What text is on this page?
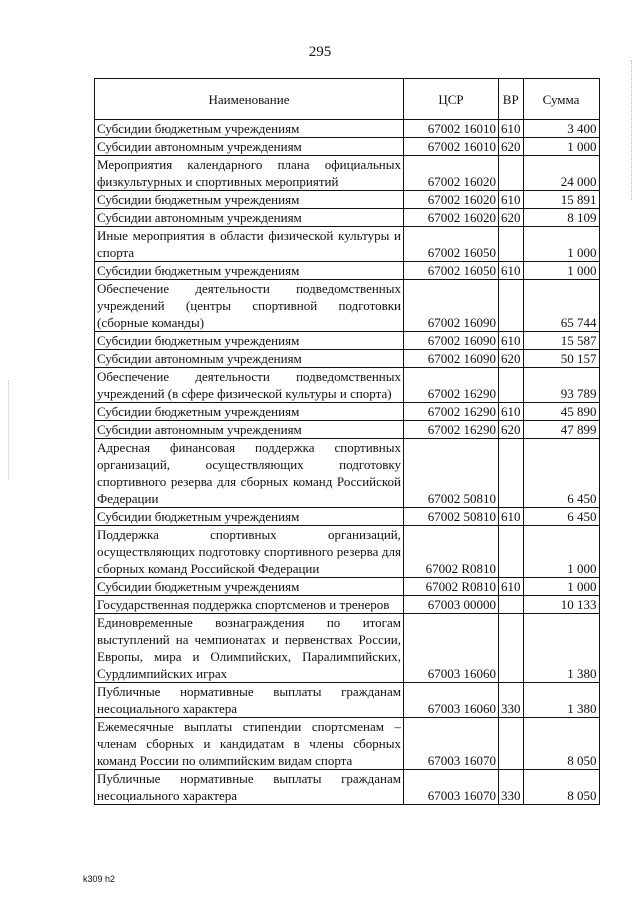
295
Наименование	ЦСР	ВР	Сумма
Субсидии бюджетным учреждениям	67002 16010	610	3 400
Субсидии автономным учреждениям	67002 16010	620	1 000
Мероприятия календарного плана официальных физкультурных и спортивных мероприятий	67002 16020		24 000
Субсидии бюджетным учреждениям	67002 16020	610	15 891
Субсидии автономным учреждениям	67002 16020	620	8 109
Иные мероприятия в области физической культуры и спорта	67002 16050		1 000
Субсидии бюджетным учреждениям	67002 16050	610	1 000
Обеспечение деятельности подведомственных учреждений (центры спортивной подготовки (сборные команды)	67002 16090		65 744
Субсидии бюджетным учреждениям	67002 16090	610	15 587
Субсидии автономным учреждениям	67002 16090	620	50 157
Обеспечение деятельности подведомственных учреждений (в сфере физической культуры и спорта)	67002 16290		93 789
Субсидии бюджетным учреждениям	67002 16290	610	45 890
Субсидии автономным учреждениям	67002 16290	620	47 899
Адресная финансовая поддержка спортивных организаций, осуществляющих подготовку спортивного резерва для сборных команд Российской Федерации	67002 50810		6 450
Субсидии бюджетным учреждениям	67002 50810	610	6 450
Поддержка спортивных организаций, осуществляющих подготовку спортивного резерва для сборных команд Российской Федерации	67002 R0810		1 000
Субсидии бюджетным учреждениям	67002 R0810	610	1 000
Государственная поддержка спортсменов и тренеров	67003 00000		10 133
Единовременные вознаграждения по итогам выступлений на чемпионатах и первенствах России, Европы, мира и Олимпийских, Паралимпийских, Сурдлимпийских играх	67003 16060		1 380
Публичные нормативные выплаты гражданам несоциального характера	67003 16060	330	1 380
Ежемесячные выплаты стипендии спортсменам – членам сборных и кандидатам в члены сборных команд России по олимпийским видам спорта	67003 16070		8 050
Публичные нормативные выплаты гражданам несоциального характера	67003 16070	330	8 050
k309 h2
